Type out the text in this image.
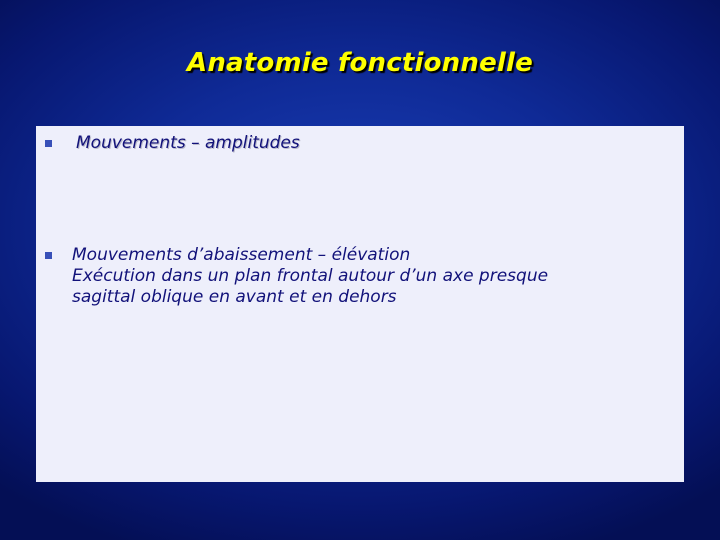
Anatomie fonctionnelle
Mouvements – amplitudes
Mouvements d’abaissement – élévation
Exécution dans un plan frontal autour d’un axe presque
sagittal oblique en avant et en dehors
